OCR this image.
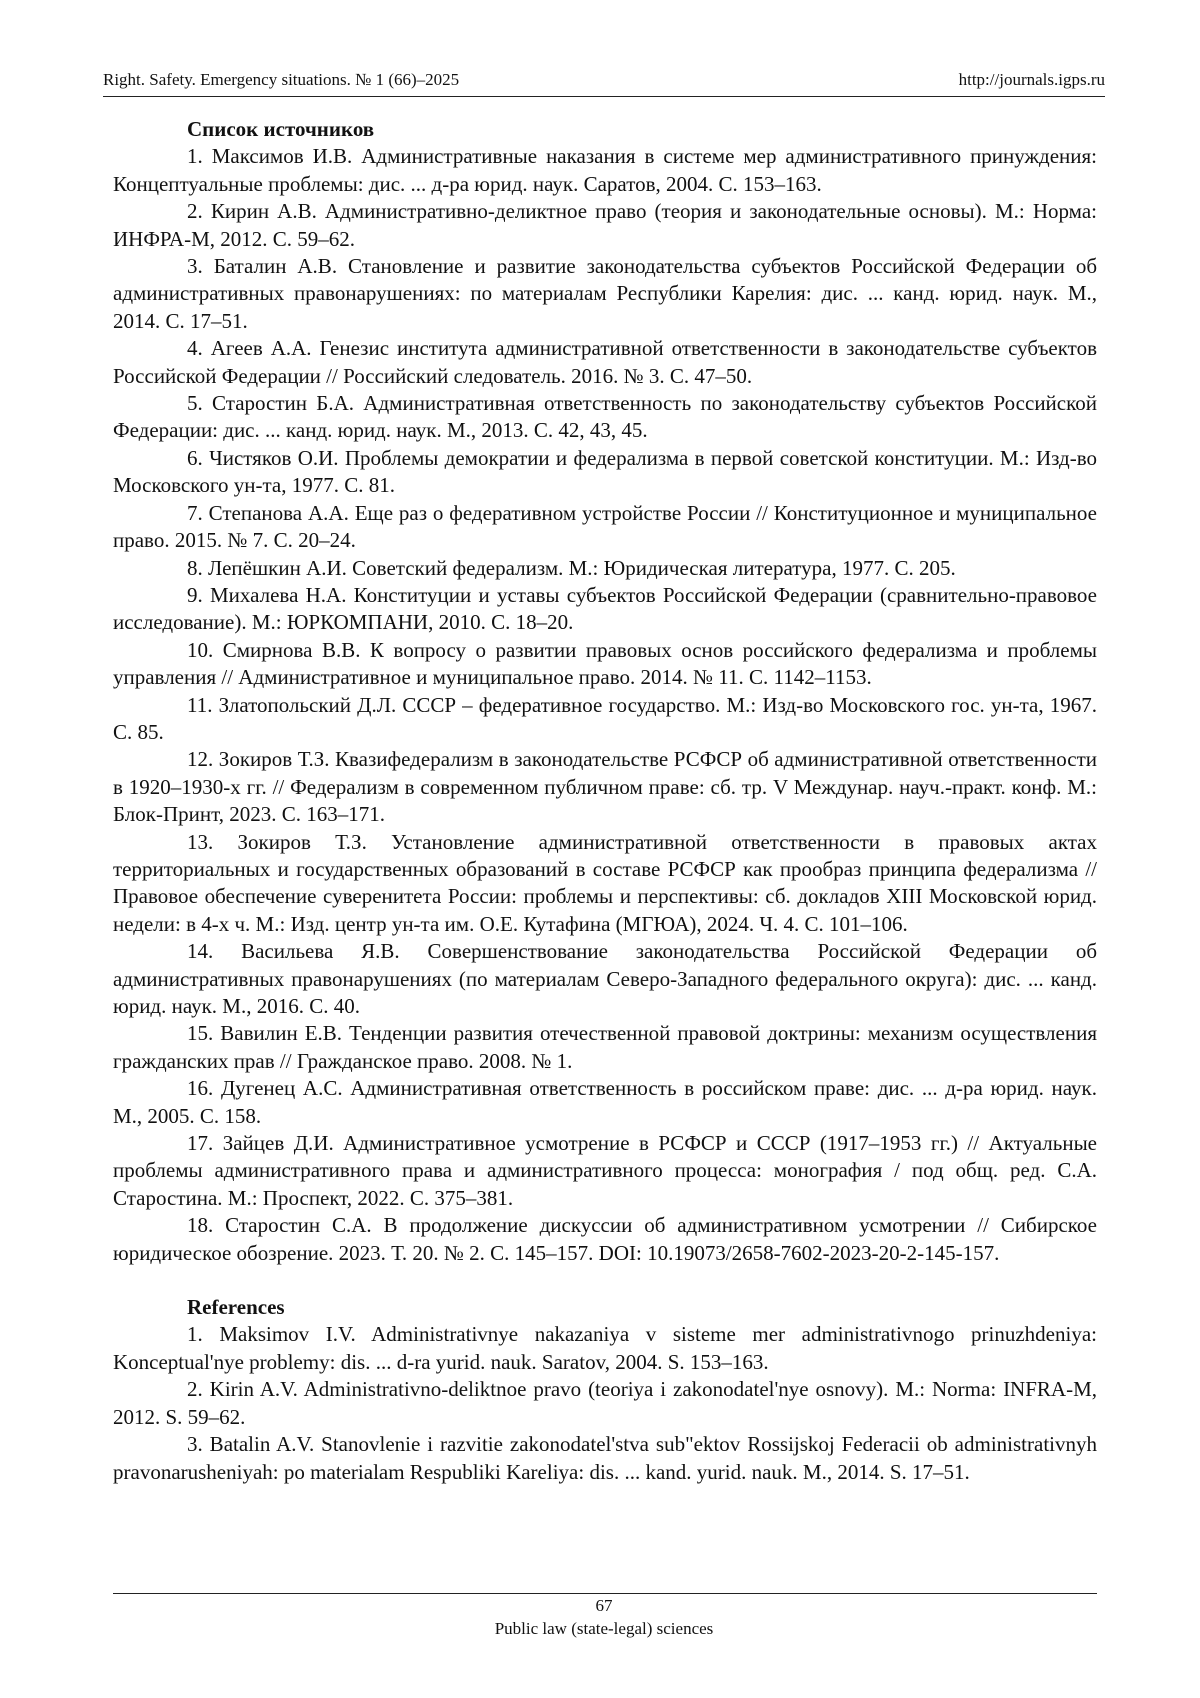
Right. Safety. Emergency situations. № 1 (66)–2025	http://journals.igps.ru

Список источников

1. Максимов И.В. Административные наказания в системе мер административного принуждения: Концептуальные проблемы: дис. ... д-ра юрид. наук. Саратов, 2004. С. 153–163.

2. Кирин А.В. Административно-деликтное право (теория и законодательные основы). М.: Норма: ИНФРА-М, 2012. С. 59–62.

3. Баталин А.В. Становление и развитие законодательства субъектов Российской Федерации об административных правонарушениях: по материалам Республики Карелия: дис. ... канд. юрид. наук. М., 2014. С. 17–51.

4. Агеев А.А. Генезис института административной ответственности в законодательстве субъектов Российской Федерации // Российский следователь. 2016. № 3. С. 47–50.

5. Старостин Б.А. Административная ответственность по законодательству субъектов Российской Федерации: дис. ... канд. юрид. наук. М., 2013. С. 42, 43, 45.

6. Чистяков О.И. Проблемы демократии и федерализма в первой советской конституции. М.: Изд-во Московского ун-та, 1977. С. 81.

7. Степанова А.А. Еще раз о федеративном устройстве России // Конституционное и муниципальное право. 2015. № 7. С. 20–24.

8. Лепёшкин А.И. Советский федерализм. М.: Юридическая литература, 1977. С. 205.

9. Михалева Н.А. Конституции и уставы субъектов Российской Федерации (сравнительно-правовое исследование). М.: ЮРКОМПАНИ, 2010. С. 18–20.

10. Смирнова В.В. К вопросу о развитии правовых основ российского федерализма и проблемы управления // Административное и муниципальное право. 2014. № 11. С. 1142–1153.

11. Златопольский Д.Л. СССР – федеративное государство. М.: Изд-во Московского гос. ун-та, 1967. С. 85.

12. Зокиров Т.З. Квазифедерализм в законодательстве РСФСР об административной ответственности в 1920–1930-х гг. // Федерализм в современном публичном праве: сб. тр. V Междунар. науч.-практ. конф. М.: Блок-Принт, 2023. С. 163–171.

13. Зокиров Т.З. Установление административной ответственности в правовых актах территориальных и государственных образований в составе РСФСР как прообраз принципа федерализма // Правовое обеспечение суверенитета России: проблемы и перспективы: сб. докладов XIII Московской юрид. недели: в 4-х ч. М.: Изд. центр ун-та им. О.Е. Кутафина (МГЮА), 2024. Ч. 4. С. 101–106.

14. Васильева Я.В. Совершенствование законодательства Российской Федерации об административных правонарушениях (по материалам Северо-Западного федерального округа): дис. ... канд. юрид. наук. М., 2016. С. 40.

15. Вавилин Е.В. Тенденции развития отечественной правовой доктрины: механизм осуществления гражданских прав // Гражданское право. 2008. № 1.

16. Дугенец А.С. Административная ответственность в российском праве: дис. ... д-ра юрид. наук. М., 2005. С. 158.

17. Зайцев Д.И. Административное усмотрение в РСФСР и СССР (1917–1953 гг.) // Актуальные проблемы административного права и административного процесса: монография / под общ. ред. С.А. Старостина. М.: Проспект, 2022. С. 375–381.

18. Старостин С.А. В продолжение дискуссии об административном усмотрении // Сибирское юридическое обозрение. 2023. Т. 20. № 2. С. 145–157. DOI: 10.19073/2658-7602-2023-20-2-145-157.

References

1. Maksimov I.V. Administrativnye nakazaniya v sisteme mer administrativnogo prinuzhdeniya: Konceptual'nye problemy: dis. ... d-ra yurid. nauk. Saratov, 2004. S. 153–163.

2. Kirin A.V. Administrativno-deliktnoe pravo (teoriya i zakonodatel'nye osnovy). M.: Norma: INFRA-M, 2012. S. 59–62.

3. Batalin A.V. Stanovlenie i razvitie zakonodatel'stva sub"ektov Rossijskoj Federacii ob administrativnyh pravonarusheniyah: po materialam Respubliki Kareliya: dis. ... kand. yurid. nauk. M., 2014. S. 17–51.

67
Public law (state-legal) sciences
